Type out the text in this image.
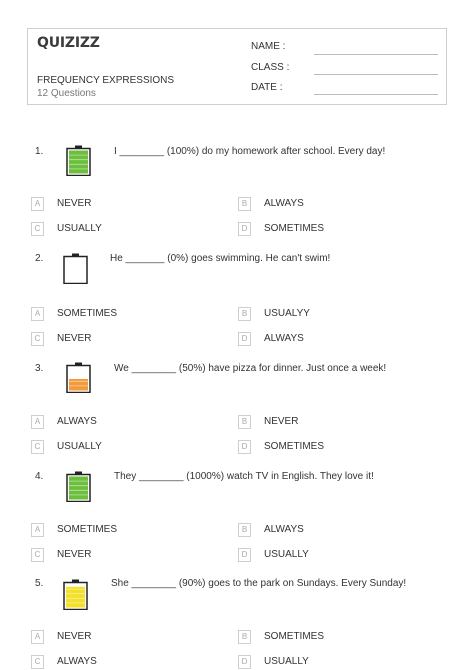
QUIZIZZ
FREQUENCY EXPRESSIONS
12 Questions
NAME :
CLASS :
DATE :
1.	I ________ (100%) do my homework after school. Every day!
A	NEVER	B	ALWAYS
C	USUALLY	D	SOMETIMES
2.	He _______ (0%) goes swimming. He can't swim!
A	SOMETIMES	B	USUALYY
C	NEVER	D	ALWAYS
3.	We ________ (50%) have pizza for dinner. Just once a week!
A	ALWAYS	B	NEVER
C	USUALLY	D	SOMETIMES
4.	They ________ (1000%) watch TV in English. They love it!
A	SOMETIMES	B	ALWAYS
C	NEVER	D	USUALLY
5.	She ________ (90%) goes to the park on Sundays. Every Sunday!
A	NEVER	B	SOMETIMES
C	ALWAYS	D	USUALLY
